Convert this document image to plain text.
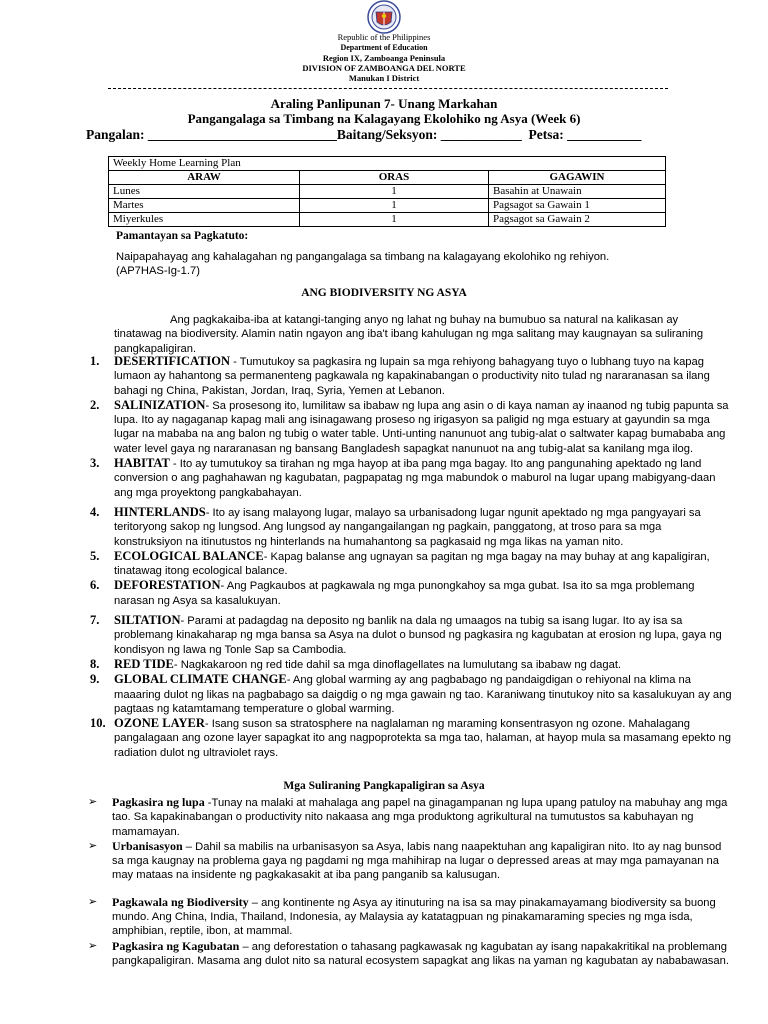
Republic of the Philippines
Department of Education
Region IX, Zamboanga Peninsula
DIVISION OF ZAMBOANGA DEL NORTE
Manukan I District
Araling Panlipunan 7- Unang Markahan
Pangangalaga sa Timbang na Kalagayang Ekolohiko ng Asya (Week 6)
Pangalan: ____________________________Baitang/Seksyon: ____________  Petsa: ___________
Weekly Home Learning Plan		
ARAW	ORAS	GAGAWIN
Lunes	1	Basahin at Unawain
Martes	1	Pagsagot sa Gawain 1
Miyerkules	1	Pagsagot sa Gawain 2
Pamantayan sa Pagkatuto:
Naipapahayag ang kahalagahan ng pangangalaga sa timbang na kalagayang ekolohiko ng rehiyon.
(AP7HAS-Ig-1.7)
ANG BIODIVERSITY NG ASYA
Ang pagkakaiba-iba at katangi-tanging anyo ng lahat ng buhay na bumubuo sa natural na kalikasan ay tinatawag na biodiversity. Alamin natin ngayon ang iba't ibang kahulugan ng mga salitang may kaugnayan sa suliraning pangkapaligiran.
1. DESERTIFICATION - Tumutukoy sa pagkasira ng lupain sa mga rehiyong bahagyang tuyo o lubhang tuyo na kapag lumaon ay hahantong sa permanenteng pagkawala ng kapakinabangan o productivity nito tulad ng nararanasan sa ilang bahagi ng China, Pakistan, Jordan, Iraq, Syria, Yemen at Lebanon.
2. SALINIZATION- Sa prosesong ito, lumilitaw sa ibabaw ng lupa ang asin o di kaya naman ay inaanod ng tubig papunta sa lupa. Ito ay nagaganap kapag mali ang isinagawang proseso ng irigasyon sa paligid ng mga estuary at gayundin sa mga lugar na mababa na ang balon ng tubig o water table. Unti-unting nanunuot ang tubig-alat o saltwater kapag bumababa ang water level gaya ng nararanasan ng bansang Bangladesh sapagkat nanunuot na ang tubig-alat sa kanilang mga ilog.
3. HABITAT - Ito ay tumutukoy sa tirahan ng mga hayop at iba pang mga bagay. Ito ang pangunahing apektado ng land conversion o ang paghahawan ng kagubatan, pagpapatag ng mga mabundok o maburol na lugar upang mabigyang-daan ang mga proyektong pangkabahayan.
4. HINTERLANDS- Ito ay isang malayong lugar, malayo sa urbanisadong lugar ngunit apektado ng mga pangyayari sa teritoryong sakop ng lungsod. Ang lungsod ay nangangailangan ng pagkain, panggatong, at troso para sa mga konstruksiyon na itinutustos ng hinterlands na humahantong sa pagkasaid ng mga likas na yaman nito.
5. ECOLOGICAL BALANCE- Kapag balanse ang ugnayan sa pagitan ng mga bagay na may buhay at ang kapaligiran, tinatawag itong ecological balance.
6. DEFORESTATION- Ang Pagkaubos at pagkawala ng mga punongkahoy sa mga gubat. Isa ito sa mga problemang narasan ng Asya sa kasalukuyan.
7. SILTATION- Parami at padagdag na deposito ng banlik na dala ng umaagos na tubig sa isang lugar. Ito ay isa sa problemang kinakaharap ng mga bansa sa Asya na dulot o bunsod ng pagkasira ng kagubatan at erosion ng lupa, gaya ng kondisyon ng lawa ng Tonle Sap sa Cambodia.
8. RED TIDE- Nagkakaroon ng red tide dahil sa mga dinoflagellates na lumulutang sa ibabaw ng dagat.
9. GLOBAL CLIMATE CHANGE- Ang global warming ay ang pagbabago ng pandaigdigan o rehiyonal na klima na maaaring dulot ng likas na pagbabago sa daigdig o ng mga gawain ng tao. Karaniwang tinutukoy nito sa kasalukuyan ay ang pagtaas ng katamtamang temperature o global warming.
10. OZONE LAYER- Isang suson sa stratosphere na naglalaman ng maraming konsentrasyon ng ozone. Mahalagang pangalagaan ang ozone layer sapagkat ito ang nagpoprotekta sa mga tao, halaman, at hayop mula sa masamang epekto ng radiation dulot ng ultraviolet rays.
Mga Suliraning Pangkapaligiran sa Asya
➢ Pagkasira ng lupa -Tunay na malaki at mahalaga ang papel na ginagampanan ng lupa upang patuloy na mabuhay ang mga tao. Sa kapakinabangan o productivity nito nakaasa ang mga produktong agrikultural na tumutustos sa kabuhayan ng mamamayan.
➢ Urbanisasyon – Dahil sa mabilis na urbanisasyon sa Asya, labis nang naapektuhan ang kapaligiran nito. Ito ay nag bunsod sa mga kaugnay na problema gaya ng pagdami ng mga mahihirap na lugar o depressed areas at may mga pamayanan na may mataas na insidente ng pagkakasakit at iba pang panganib sa kalusugan.
➢ Pagkawala ng Biodiversity – ang kontinente ng Asya ay itinuturing na isa sa may pinakamayamang biodiversity sa buong mundo. Ang China, India, Thailand, Indonesia, ay Malaysia ay katatagpuan ng pinakamaraming species ng mga isda, amphibian, reptile, ibon, at mammal.
➢ Pagkasira ng Kagubatan – ang deforestation o tahasang pagkawasak ng kagubatan ay isang napakakritikal na problemang pangkapaligiran. Masama ang dulot nito sa natural ecosystem sapagkat ang likas na yaman ng kagubatan ay nababawasan.
